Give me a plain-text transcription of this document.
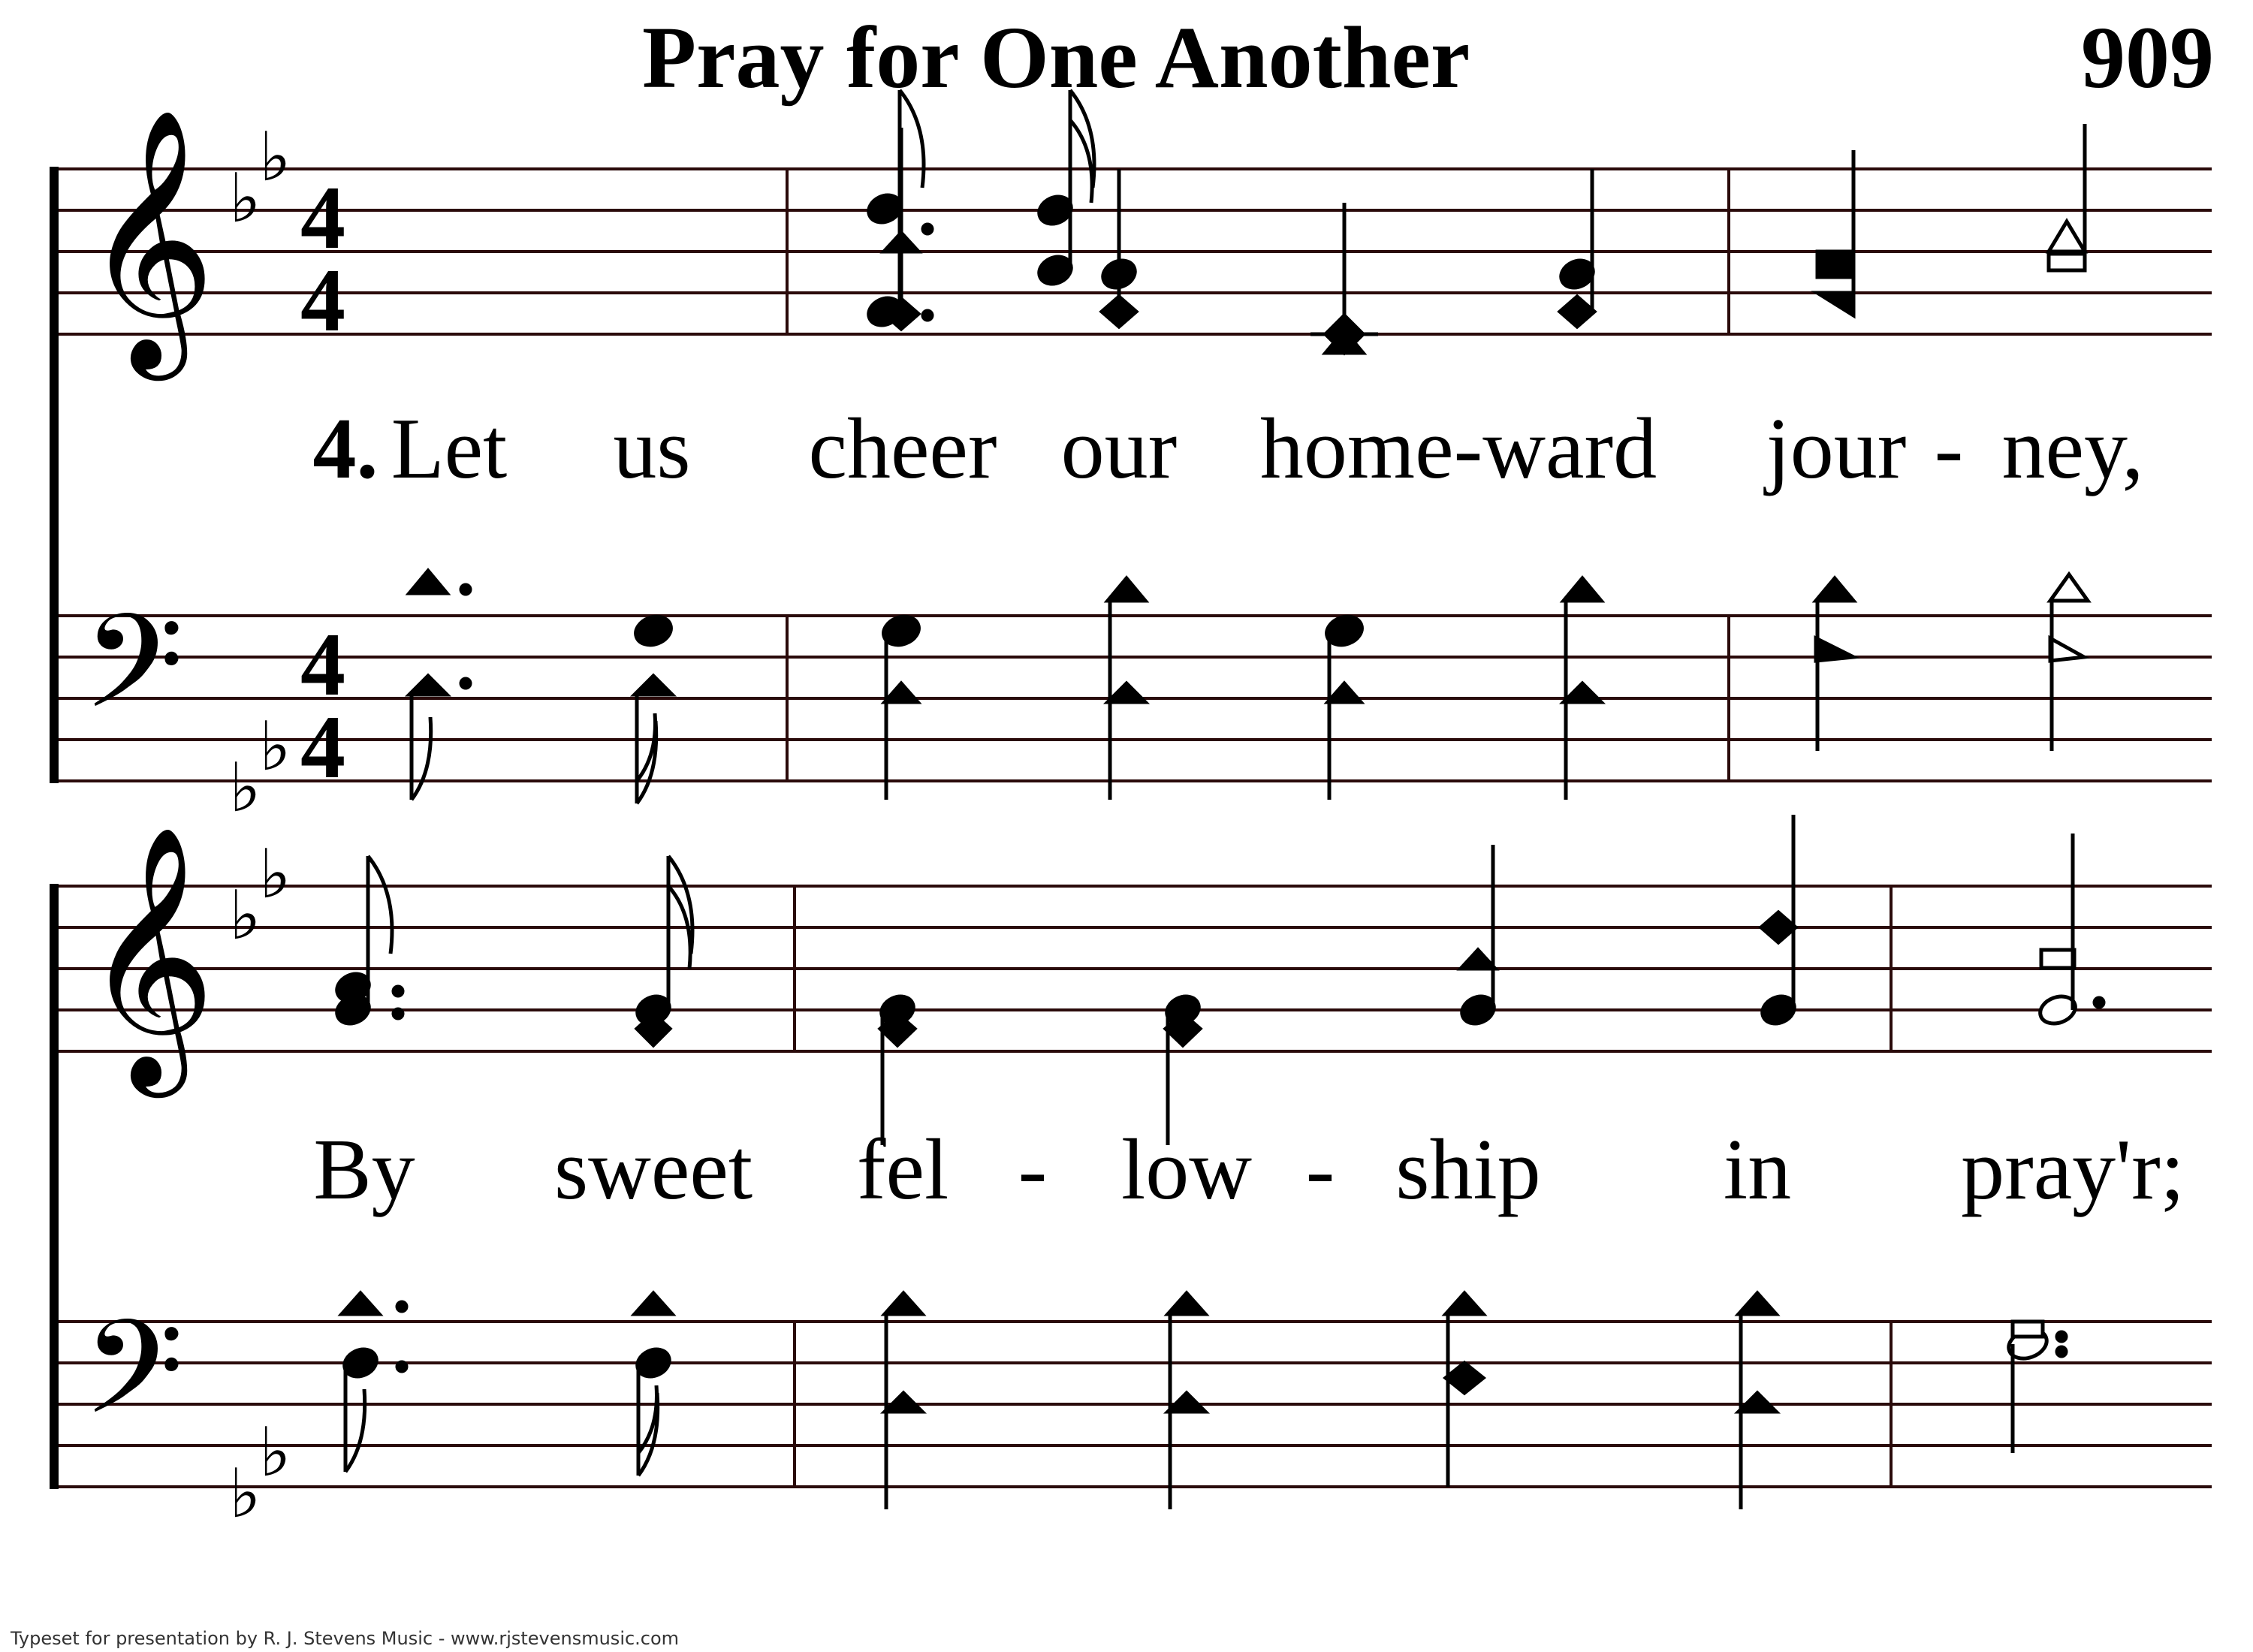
Pray for One Another	909
𝄞
𝄢
♭
♭
♭
♭
4
4
4
4
𝄞
𝄢
♭
♭
♭
♭
4. Let us cheer our home-ward jour - ney,
By sweet fel - low - ship in pray'r;
Typeset for presentation by R. J. Stevens Music - www.rjstevensmusic.com
